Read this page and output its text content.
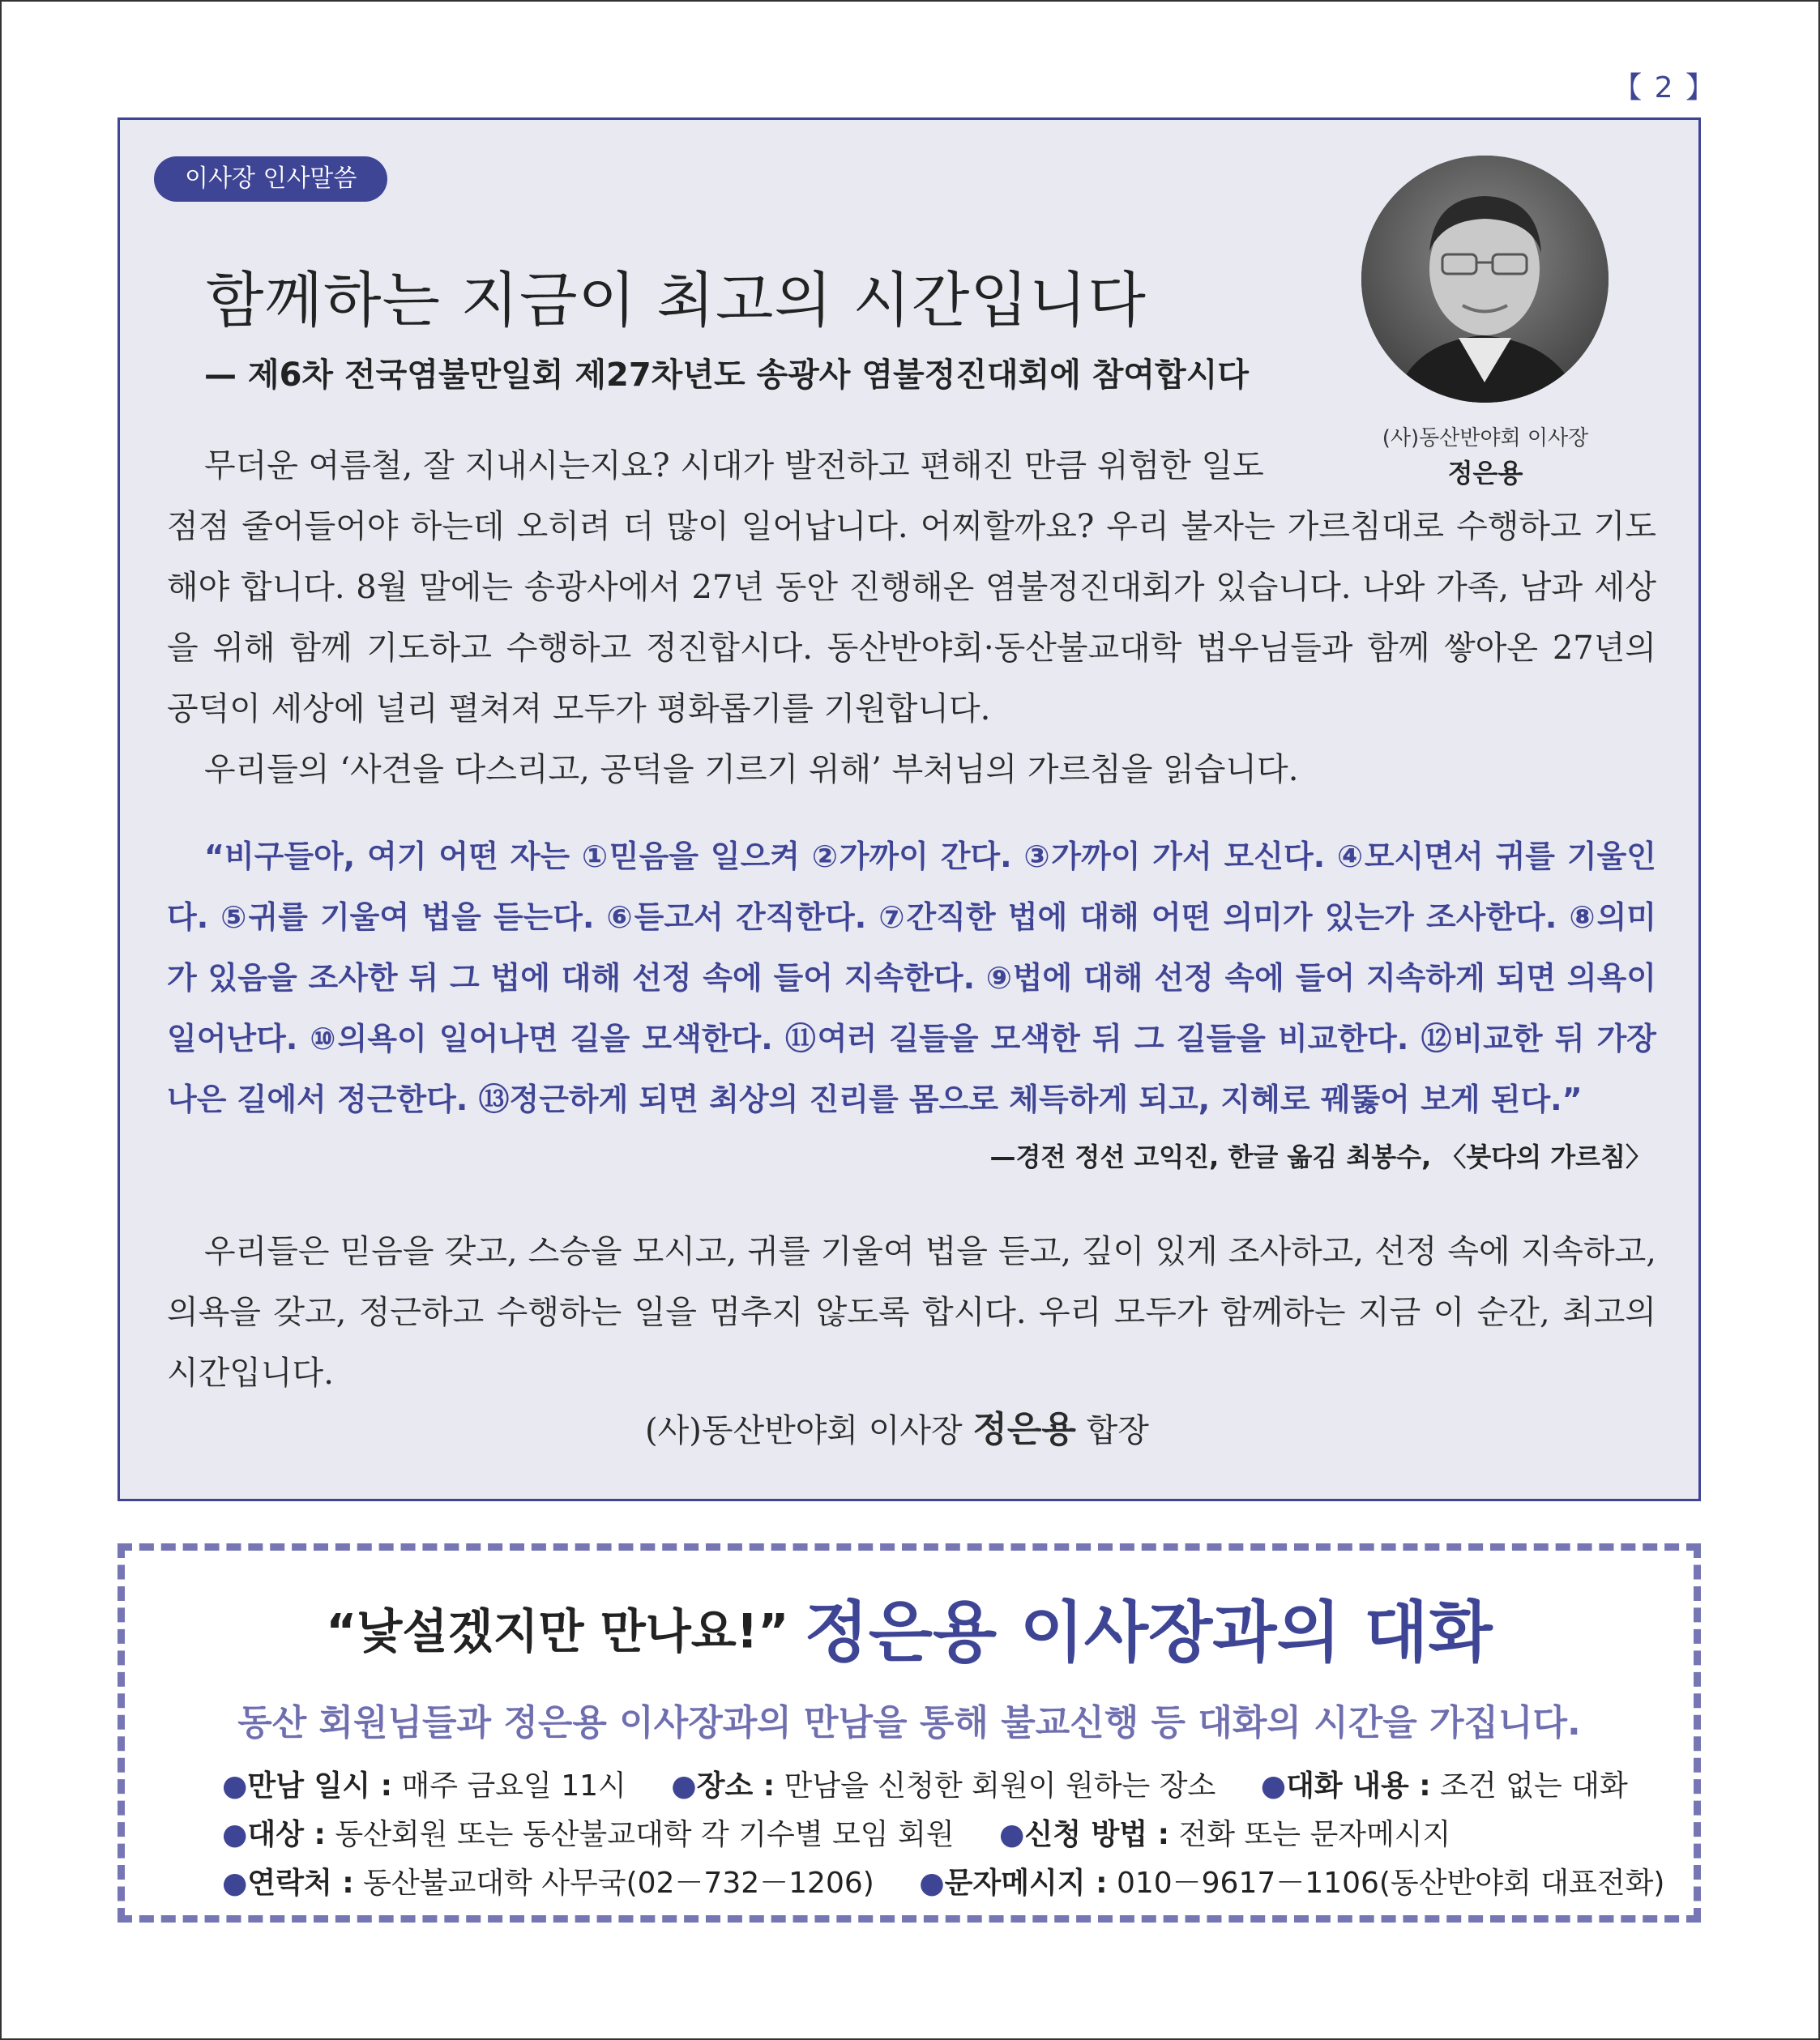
【 2 】
이사장 인사말씀
(사)동산반야회 이사장
정은용
함께하는 지금이 최고의 시간입니다
— 제6차 전국염불만일회 제27차년도 송광사 염불정진대회에 참여합시다
무더운 여름철, 잘 지내시는지요? 시대가 발전하고 편해진 만큼 위험한 일도
점점 줄어들어야 하는데 오히려 더 많이 일어납니다. 어찌할까요? 우리 불자는 가르침대로 수행하고 기도해야 합니다. 8월 말에는 송광사에서 27년 동안 진행해온 염불정진대회가 있습니다. 나와 가족, 남과 세상을 위해 함께 기도하고 수행하고 정진합시다. 동산반야회·동산불교대학 법우님들과 함께 쌓아온 27년의 공덕이 세상에 널리 펼쳐져 모두가 평화롭기를 기원합니다.
우리들의 ‘사견을 다스리고, 공덕을 기르기 위해’ 부처님의 가르침을 읽습니다.
“비구들아, 여기 어떤 자는 ①믿음을 일으켜 ②가까이 간다. ③가까이 가서 모신다. ④모시면서 귀를 기울인다. ⑤귀를 기울여 법을 듣는다. ⑥듣고서 간직한다. ⑦간직한 법에 대해 어떤 의미가 있는가 조사한다. ⑧의미가 있음을 조사한 뒤 그 법에 대해 선정 속에 들어 지속한다. ⑨법에 대해 선정 속에 들어 지속하게 되면 의욕이 일어난다. ⑩의욕이 일어나면 길을 모색한다. ⑪여러 길들을 모색한 뒤 그 길들을 비교한다. ⑫비교한 뒤 가장 나은 길에서 정근한다. ⑬정근하게 되면 최상의 진리를 몸으로 체득하게 되고, 지혜로 꿰뚫어 보게 된다.”
—경전 정선 고익진, 한글 옮김 최봉수, 〈붓다의 가르침〉
우리들은 믿음을 갖고, 스승을 모시고, 귀를 기울여 법을 듣고, 깊이 있게 조사하고, 선정 속에 지속하고, 의욕을 갖고, 정근하고 수행하는 일을 멈추지 않도록 합시다. 우리 모두가 함께하는 지금 이 순간, 최고의 시간입니다.
(사)동산반야회 이사장 정은용 합장
“낯설겠지만 만나요!” 정은용 이사장과의 대화
동산 회원님들과 정은용 이사장과의 만남을 통해 불교신행 등 대화의 시간을 가집니다.
●만남 일시 : 매주 금요일 11시 ●장소 : 만남을 신청한 회원이 원하는 장소 ●대화 내용 : 조건 없는 대화
●대상 : 동산회원 또는 동산불교대학 각 기수별 모임 회원 ●신청 방법 : 전화 또는 문자메시지
●연락처 : 동산불교대학 사무국(02－732－1206) ●문자메시지 : 010－9617－1106(동산반야회 대표전화)
